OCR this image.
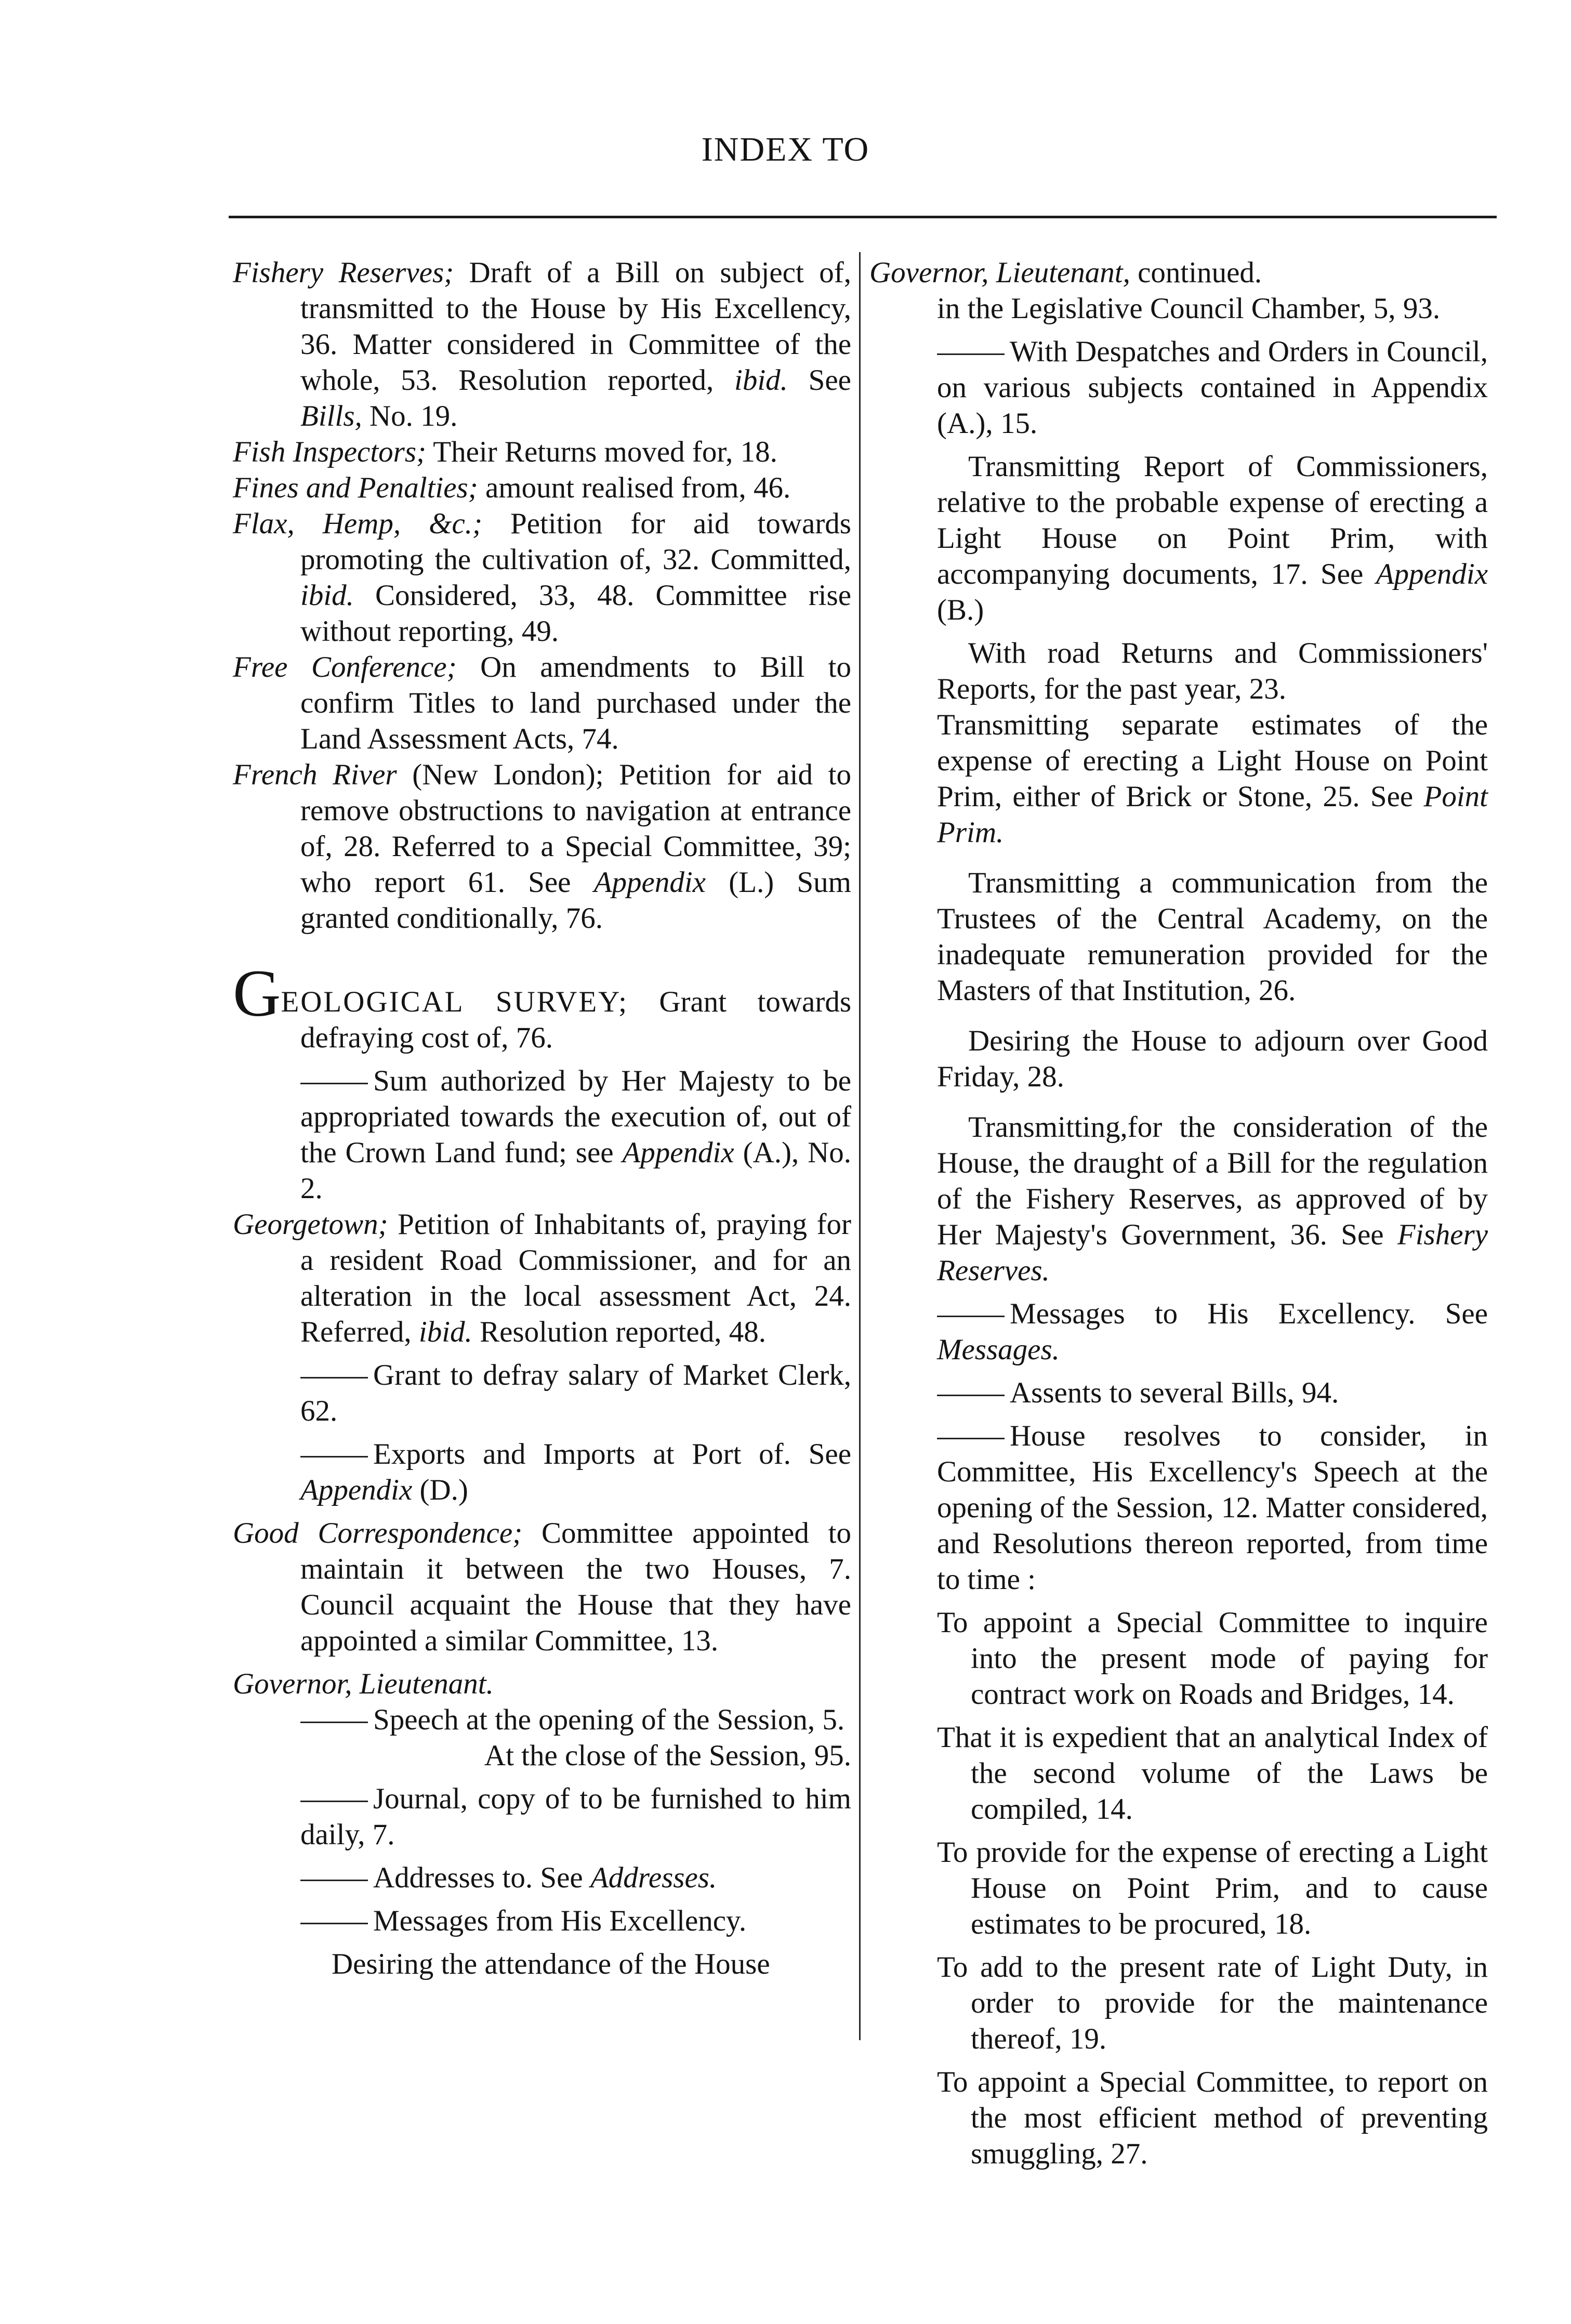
INDEX TO

Fishery Reserves; Draft of a Bill on subject of, transmitted to the House by His Excellency, 36. Matter considered in Committee of the whole, 53. Resolution reported, ibid. See Bills, No. 19.

Fish Inspectors; Their Returns moved for, 18.

Fines and Penalties; amount realised from, 46.

Flax, Hemp, &c.; Petition for aid towards promoting the cultivation of, 32. Committed, ibid. Considered, 33, 48. Committee rise without reporting, 49.

Free Conference; On amendments to Bill to confirm Titles to land purchased under the Land Assessment Acts, 74.

French River (New London); Petition for aid to remove obstructions to navigation at entrance of, 28. Referred to a Special Committee, 39; who report 61. See Appendix (L.) Sum granted conditionally, 76.

GEOLOGICAL SURVEY; Grant towards defraying cost of, 76.

Sum authorized by Her Majesty to be appropriated towards the execution of, out of the Crown Land fund; see Appendix (A.), No. 2.

Georgetown; Petition of Inhabitants of, praying for a resident Road Commissioner, and for an alteration in the local assessment Act, 24. Referred, ibid. Resolution reported, 48.

Grant to defray salary of Market Clerk, 62.

Exports and Imports at Port of. See Appendix (D.)

Good Correspondence; Committee appointed to maintain it between the two Houses, 7. Council acquaint the House that they have appointed a similar Committee, 13.

Governor, Lieutenant.

Speech at the opening of the Session, 5.

At the close of the Session, 95.

Journal, copy of to be furnished to him daily, 7.

Addresses to. See Addresses.

Messages from His Excellency.

Desiring the attendance of the House

Governor, Lieutenant, continued.

in the Legislative Council Chamber, 5, 93.

With Despatches and Orders in Council, on various subjects contained in Appendix (A.), 15.

Transmitting Report of Commissioners, relative to the probable expense of erecting a Light House on Point Prim, with accompanying documents, 17. See Appendix (B.)

With road Returns and Commissioners' Reports, for the past year, 23.

Transmitting separate estimates of the expense of erecting a Light House on Point Prim, either of Brick or Stone, 25. See Point Prim.

Transmitting a communication from the Trustees of the Central Academy, on the inadequate remuneration provided for the Masters of that Institution, 26.

Desiring the House to adjourn over Good Friday, 28.

Transmitting,for the consideration of the House, the draught of a Bill for the regulation of the Fishery Reserves, as approved of by Her Majesty's Government, 36. See Fishery Reserves.

Messages to His Excellency. See Messages.

Assents to several Bills, 94.

House resolves to consider, in Committee, His Excellency's Speech at the opening of the Session, 12. Matter considered, and Resolutions thereon reported, from time to time :

To appoint a Special Committee to inquire into the present mode of paying for contract work on Roads and Bridges, 14.

That it is expedient that an analytical Index of the second volume of the Laws be compiled, 14.

To provide for the expense of erecting a Light House on Point Prim, and to cause estimates to be procured, 18.

To add to the present rate of Light Duty, in order to provide for the maintenance thereof, 19.

To appoint a Special Committee, to report on the most efficient method of preventing smuggling, 27.
